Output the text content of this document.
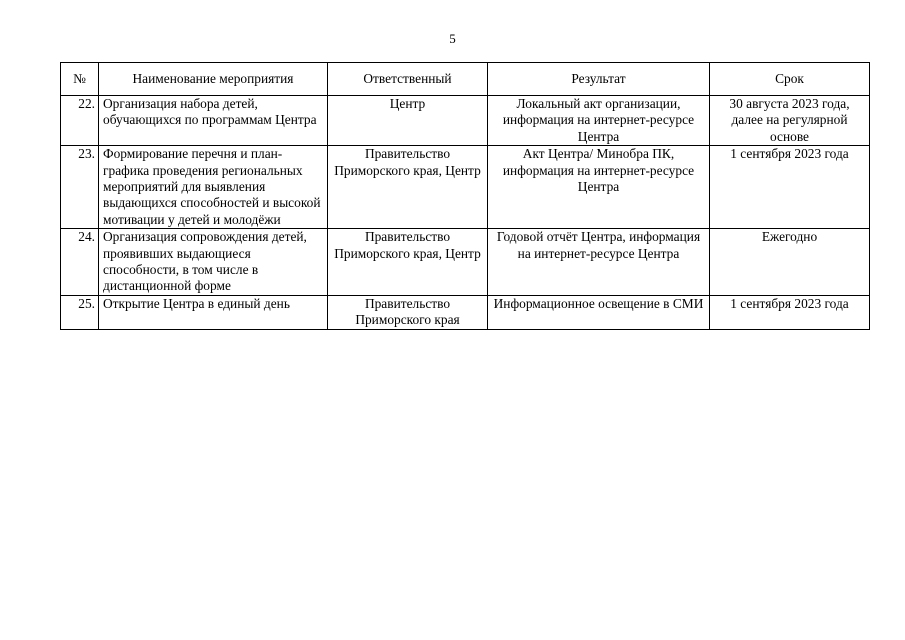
5
№	Наименование мероприятия	Ответственный	Результат	Срок
22.	Организация набора детей, обучающихся по программам Центра	Центр	Локальный акт организации, информация на интернет-ресурсе Центра	30 августа 2023 года, далее на регулярной основе
23.	Формирование перечня и план-графика проведения региональных мероприятий для выявления выдающихся способностей и высокой мотивации у детей и молодёжи	Правительство Приморского края, Центр	Акт Центра/ Минобра ПК, информация на интернет-ресурсе Центра	1 сентября 2023 года
24.	Организация сопровождения детей, проявивших выдающиеся способности, в том числе в дистанционной форме	Правительство Приморского края, Центр	Годовой отчёт Центра, информация на интернет-ресурсе Центра	Ежегодно
25.	Открытие Центра в единый день	Правительство Приморского края	Информационное освещение в СМИ	1 сентября 2023 года
